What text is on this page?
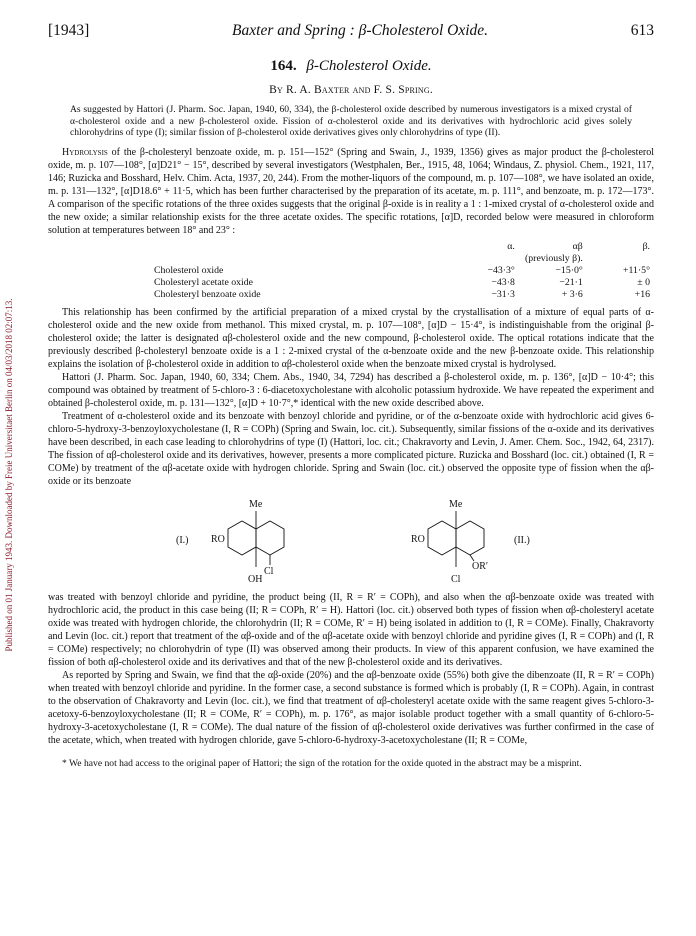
Published on 01 January 1943. Downloaded by Freie Universitaet Berlin on 04/03/2018 02:07:13.
[1943]	Baxter and Spring : β-Cholesterol Oxide.	613
164. β-Cholesterol Oxide.
By R. A. Baxter and F. S. Spring.
As suggested by Hattori (J. Pharm. Soc. Japan, 1940, 60, 334), the β-cholesterol oxide described by numerous investigators is a mixed crystal of α-cholesterol oxide and a new β-cholesterol oxide. Fission of α-cholesterol oxide and its derivatives with hydrochloric acid gives solely chlorohydrins of type (I); similar fission of β-cholesterol oxide derivatives gives only chlorohydrins of type (II).

Hydrolysis of the β-cholesteryl benzoate oxide, m. p. 151—152° (Spring and Swain, J., 1939, 1356) gives as major product the β-cholesterol oxide, m. p. 107—108°, [α]D21° − 15°, described by several investigators (Westphalen, Ber., 1915, 48, 1064; Windaus, Z. physiol. Chem., 1921, 117, 146; Ruzicka and Bosshard, Helv. Chim. Acta, 1937, 20, 244). From the mother-liquors of the compound, m. p. 107—108°, we have isolated an oxide, m. p. 131—132°, [α]D18.6° + 11·5, which has been further characterised by the preparation of its acetate, m. p. 111°, and benzoate, m. p. 172—173°. A comparison of the specific rotations of the three oxides suggests that the original β-oxide is in reality a 1 : 1-mixed crystal of α-cholesterol oxide and the new oxide; a similar relationship exists for the three acetate oxides. The specific rotations, [α]D, recorded below were measured in chloroform solution at temperatures between 18° and 23° :

	α.	αβ	β.
		(previously β).	
Cholesterol oxide	−43·3°	−15·0°	+11·5°
Cholesteryl acetate oxide	−43·8	−21·1	± 0
Cholesteryl benzoate oxide	−31·3	+ 3·6	+16

This relationship has been confirmed by the artificial preparation of a mixed crystal by the crystallisation of a mixture of equal parts of α-cholesterol oxide and the new oxide from methanol. This mixed crystal, m. p. 107—108°, [α]D − 15·4°, is indistinguishable from the original β-cholesterol oxide; the latter is designated αβ-cholesterol oxide and the new compound, β-cholesterol oxide. The optical rotations indicate that the previously described β-cholesteryl benzoate oxide is a 1 : 2-mixed crystal of the α-benzoate oxide and the new β-benzoate oxide. This relationship explains the isolation of β-cholesterol oxide in addition to αβ-cholesterol oxide when the benzoate mixed crystal is hydrolysed.

Hattori (J. Pharm. Soc. Japan, 1940, 60, 334; Chem. Abs., 1940, 34, 7294) has described a β-cholesterol oxide, m. p. 136°, [α]D − 10·4°; this compound was obtained by treatment of 5-chloro-3 : 6-diacetoxycholestane with alcoholic potassium hydroxide. We have repeated the experiment and obtained β-cholesterol oxide, m. p. 131—132°, [α]D + 10·7°,* identical with the new oxide described above.

Treatment of α-cholesterol oxide and its benzoate with benzoyl chloride and pyridine, or of the α-benzoate oxide with hydrochloric acid gives 6-chloro-5-hydroxy-3-benzoyloxycholestane (I, R = COPh) (Spring and Swain, loc. cit.). Subsequently, similar fissions of the α-oxide and its derivatives have been described, in each case leading to chlorohydrins of type (I) (Hattori, loc. cit.; Chakravorty and Levin, J. Amer. Chem. Soc., 1942, 64, 2317). The fission of αβ-cholesterol oxide and its derivatives, however, presents a more complicated picture. Ruzicka and Bosshard (loc. cit.) obtained (I, R = COMe) by treatment of the αβ-acetate oxide with hydrogen chloride. Spring and Swain (loc. cit.) observed the opposite type of fission when the αβ-oxide or its benzoate

(I.)
Me
RO
Cl
OH
Me
RO
OR′
Cl
(II.)

was treated with benzoyl chloride and pyridine, the product being (II, R = R′ = COPh), and also when the αβ-benzoate oxide was treated with hydrochloric acid, the product in this case being (II; R = COPh, R′ = H). Hattori (loc. cit.) observed both types of fission when αβ-cholesteryl acetate oxide was treated with hydrogen chloride, the chlorohydrin (II; R = COMe, R′ = H) being isolated in addition to (I, R = COMe). Finally, Chakravorty and Levin (loc. cit.) report that treatment of the αβ-oxide and of the αβ-acetate oxide with benzoyl chloride and pyridine gives (I, R = COPh) and (I, R = COMe) respectively; no chlorohydrin of type (II) was observed among their products. In view of this apparent confusion, we have examined the fission of both αβ-cholesterol oxide and its derivatives and that of the new β-cholesterol oxide and its derivatives.

As reported by Spring and Swain, we find that the αβ-oxide (20%) and the αβ-benzoate oxide (55%) both give the dibenzoate (II, R = R′ = COPh) when treated with benzoyl chloride and pyridine. In the former case, a second substance is formed which is probably (I, R = COPh). Again, in contrast to the observation of Chakravorty and Levin (loc. cit.), we find that treatment of αβ-cholesteryl acetate oxide with the same reagent gives 5-chloro-3-acetoxy-6-benzoyloxycholestane (II; R = COMe, R′ = COPh), m. p. 176°, as major isolable product together with a small quantity of 6-chloro-5-hydroxy-3-acetoxycholestane (I, R = COMe). The dual nature of the fission of αβ-cholesterol oxide derivatives was further confirmed in the case of the acetate, which, when treated with hydrogen chloride, gave 5-chloro-6-hydroxy-3-acetoxycholestane (II; R = COMe,

* We have not had access to the original paper of Hattori; the sign of the rotation for the oxide quoted in the abstract may be a misprint.
